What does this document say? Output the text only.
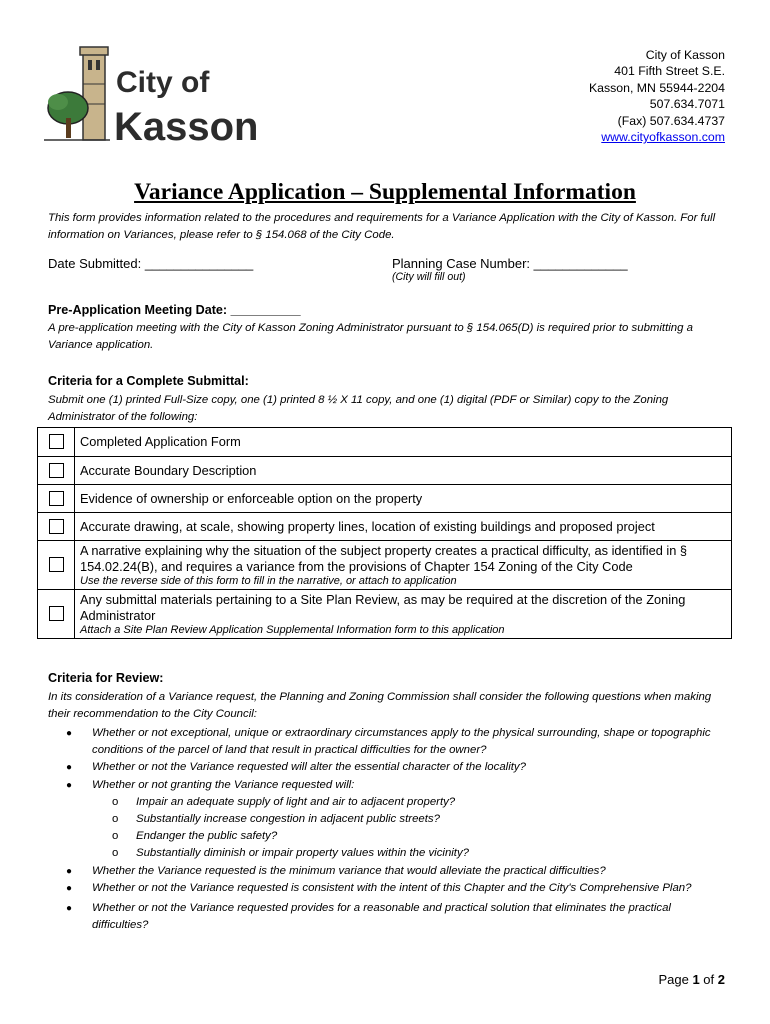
City of
Kasson
City of Kasson
401 Fifth Street S.E.
Kasson, MN 55944-2204
507.634.7071
(Fax) 507.634.4737
www.cityofkasson.com
Variance Application – Supplemental Information
This form provides information related to the procedures and requirements for a Variance Application with the City of Kasson. For full information on Variances, please refer to § 154.068 of the City Code.
Date Submitted: _______________	Planning Case Number: _____________
(City will fill out)
Pre-Application Meeting Date: __________
A pre-application meeting with the City of Kasson Zoning Administrator pursuant to § 154.065(D) is required prior to submitting a Variance application.
Criteria for a Complete Submittal:
Submit one (1) printed Full-Size copy, one (1) printed 8 ½ X 11 copy, and one (1) digital (PDF or Similar) copy to the Zoning Administrator of the following:
	Completed Application Form
	Accurate Boundary Description
	Evidence of ownership or enforceable option on the property
	Accurate drawing, at scale, showing property lines, location of existing buildings and proposed project

	A narrative explaining why the situation of the subject property creates a practical difficulty, as identified in § 154.02.24(B), and requires a variance from the provisions of Chapter 154 Zoning of the City Code
Use the reverse side of this form to fill in the narrative, or attach to application

	Any submittal materials pertaining to a Site Plan Review, as may be required at the discretion of the Zoning Administrator
Attach a Site Plan Review Application Supplemental Information form to this application
Criteria for Review:
In its consideration of a Variance request, the Planning and Zoning Commission shall consider the following questions when making their recommendation to the City Council:
● Whether or not exceptional, unique or extraordinary circumstances apply to the physical surrounding, shape or topographic conditions of the parcel of land that result in practical difficulties for the owner?
● Whether or not the Variance requested will alter the essential character of the locality?
● Whether or not granting the Variance requested will:
o Impair an adequate supply of light and air to adjacent property?
o Substantially increase congestion in adjacent public streets?
o Endanger the public safety?
o Substantially diminish or impair property values within the vicinity?
● Whether the Variance requested is the minimum variance that would alleviate the practical difficulties?
● Whether or not the Variance requested is consistent with the intent of this Chapter and the City's Comprehensive Plan?
● Whether or not the Variance requested provides for a reasonable and practical solution that eliminates the practical difficulties?
Page 1 of 2
